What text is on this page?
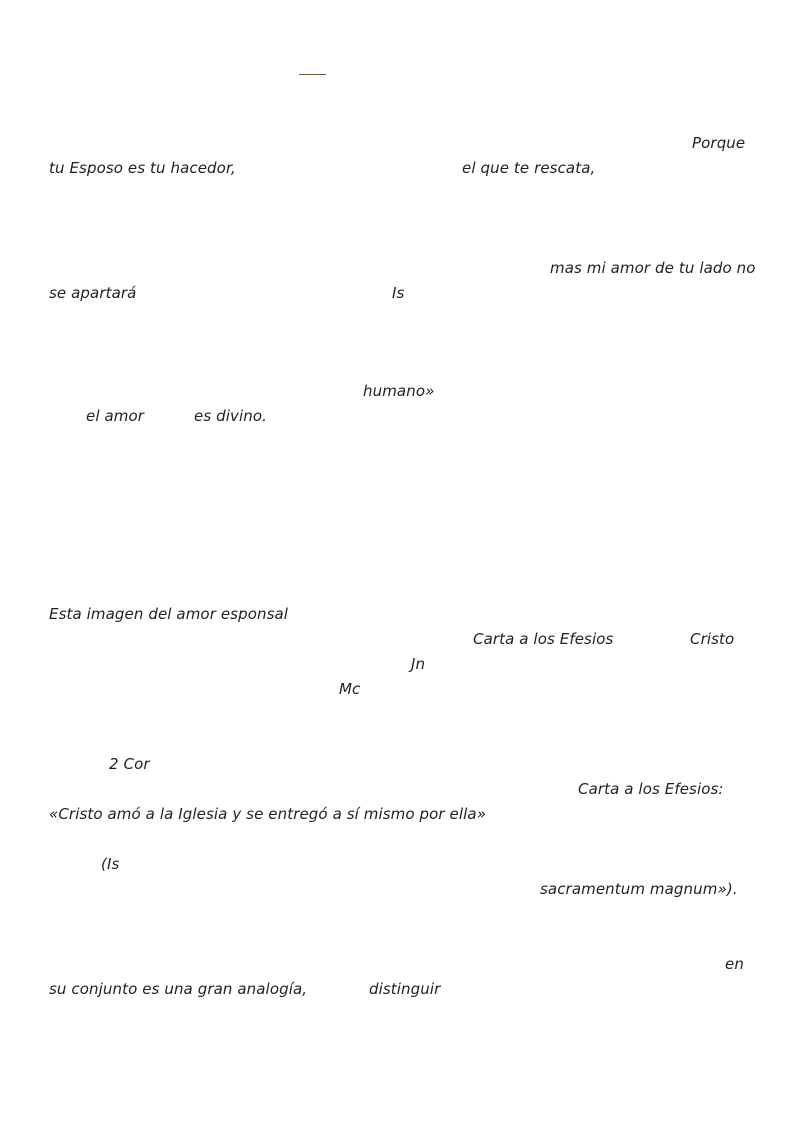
Porque
tu Esposo es tu hacedor,	el que te rescata,
mas mi amor de tu lado no
se apartará	Is
humano»
el amor	es divino.
Esta imagen del amor esponsal
Carta a los Efesios	Cristo
Jn
Mc
2 Cor
Carta a los Efesios:
«Cristo amó a la Iglesia y se entregó a sí mismo por ella»
(Is
sacramentum magnum»).
en
su conjunto es una gran analogía,	distinguir
